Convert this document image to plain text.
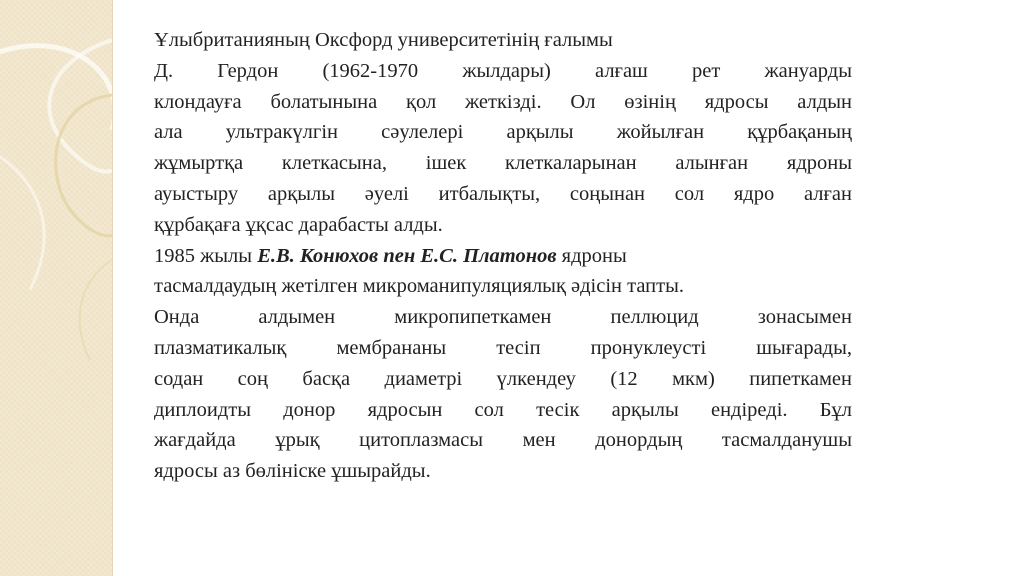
Ұлыбританияның Оксфорд университетінің ғалымы

Д. Гердон (1962-1970 жылдары) алғаш рет жануарды

клондауға болатынына қол жеткізді. Ол өзінің ядросы алдын

ала ультракүлгін сәулелері арқылы жойылған құрбақаның

жұмыртқа клеткасына, ішек клеткаларынан алынған ядроны

ауыстыру арқылы әуелі итбалықты, соңынан сол ядро алған

құрбақаға ұқсас дарабасты алды.

1985 жылы Е.В. Конюхов пен Е.С. Платонов ядроны

тасмалдаудың жетілген микроманипуляциялық әдісін тапты.

Онда алдымен микропипеткамен пеллюцид зонасымен

плазматикалық мембрананы тесіп пронуклеусті шығарады,

содан соң басқа диаметрі үлкендеу (12 мкм) пипеткамен

диплоидты донор ядросын сол тесік арқылы ендіреді. Бұл

жағдайда ұрық цитоплазмасы мен донордың тасмалданушы

ядросы аз бөлініске ұшырайды.
